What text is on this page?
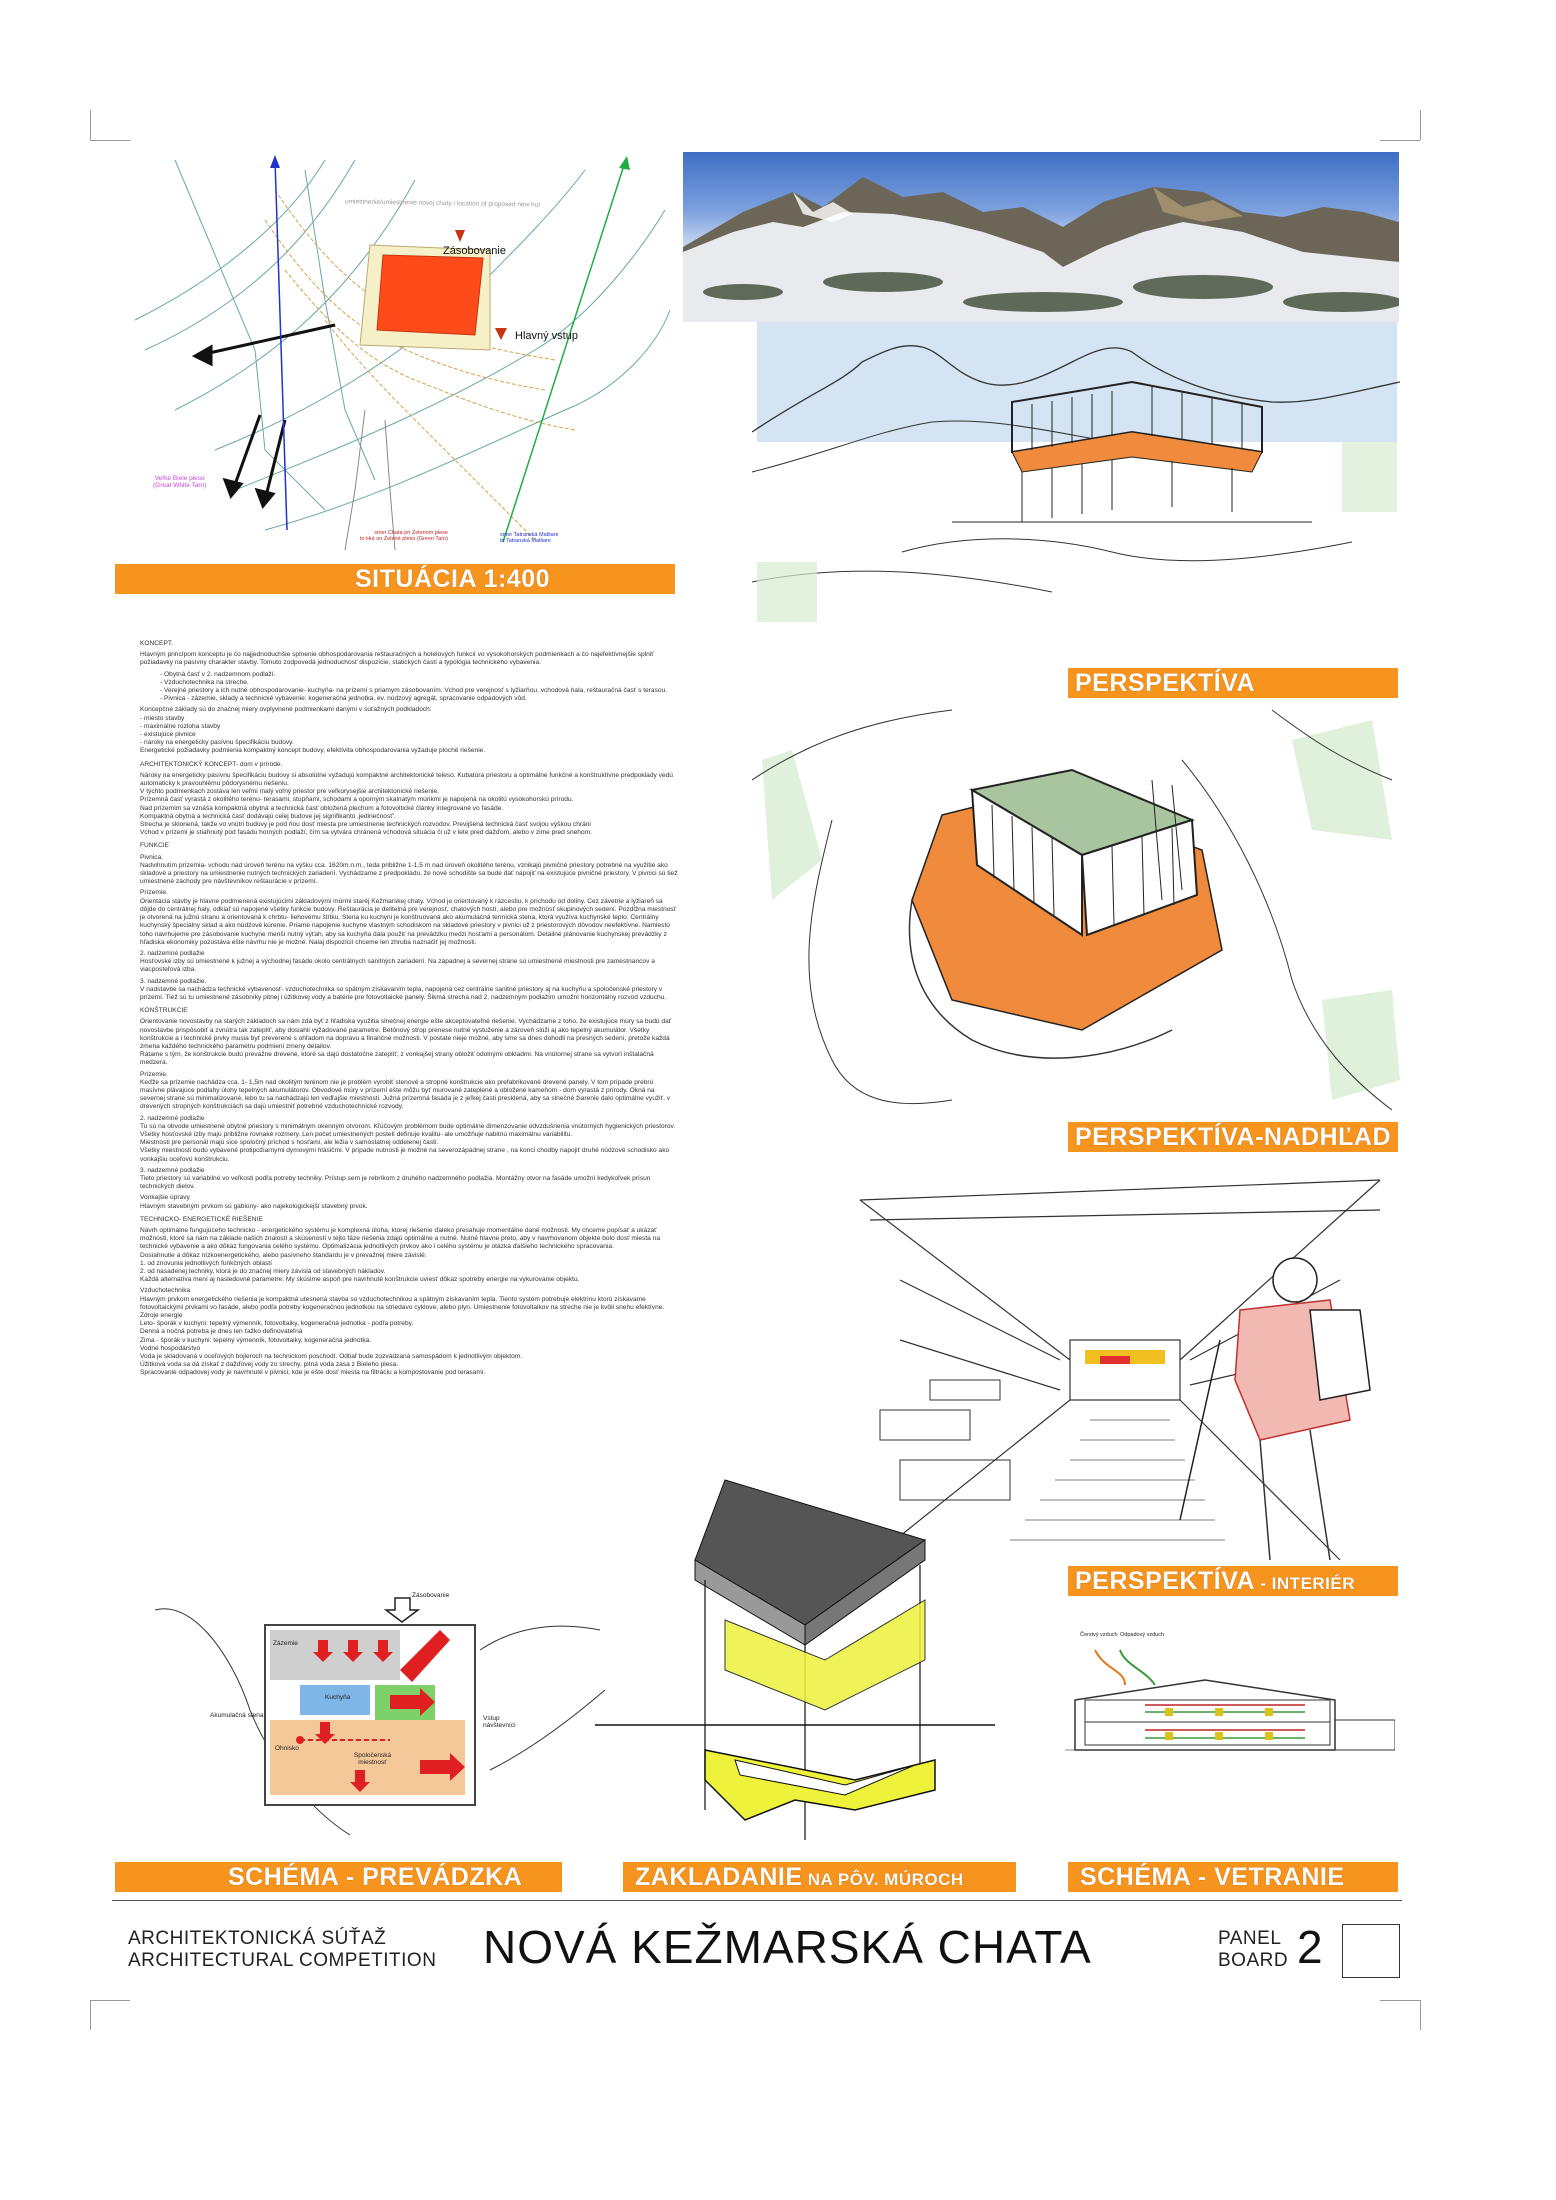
umiestnenie/umiestnenie novej chaty / location of proposed new hut
Zásobovanie
Hlavný vstup
Veľké Biele pleso
(Great White Tarn)
smer Chata pri Zelenom plese
to Hut on Zelené pleso (Green Tarn)
smer Tatranská Matliare
to Tatranská Matliare
SITUÁCIA 1:400
PERSPEKTÍVA
PERSPEKTÍVA-NADHĽAD
PERSPEKTÍVA - INTERIÉR

KONCEPT.

Hlavným princípom konceptu je čo najjednoduchšie splnenie obhospodarovania reštauračných a hotelových funkcií vo vysokohorských podmienkach a čo najefektívnejšie splniť požiadavky na pasívny charakter stavby. Tomuto zodpovedá jednoduchosť dispozície, statických častí a typológia technického vybavenia.

- Obytná časť v 2. nadzemnom podlaží.
- Vzduchotechnika na streche.
- Verejné priestory a ich nutné obhospodarovanie- kuchyňa- na prízemí s priamym zásobovaním. Vchod pre verejnosť s lyžiarňou, vchodová hala, reštauračná časť s terasou.
- Pivnica - zázemie, sklady a technické vybavenie: kogeneračná jednotka, ev. núdzový agregát, spracovanie odpadových vôd.

Koncepčné základy sú do značnej miery ovplyvnené podmienkami danými v súťažných podkladoch:
- miesto stavby
- maximálne rozlohа stavby
- existujúce pivnice
- nároky na energeticky pasívnu špecifikáciu budovy.
Energetické požiadavky podmienia kompaktný koncept budovy, efektívita obhospodarovania vyžaduje ploché riešenie.

ARCHITEKTONICKÝ KONCEPT- dom v prírode.

Nároky na energeticky pasívnu špecifikáciu budovy si absolútne vyžadujú kompaktné architektonické teleso. Kubatúra priestoru a optimálne funkčné a konštruktívne predpoklady vedú automaticky k pravouhlému pôdorysnému riešeniu.
V týchto podmienkach zostáva len veľmi malý voľný priestor pre veľkorysejšie architektonické riešenie.
Prízemná časť vyrastá z okolitého terénu- terasami, stupňami, schodami a oporným skalnatým múrikmi je napojená na okolitú vysokohorskú prírodu.
Nad prízemím sa vznáša kompaktná obytná a technická časť obložená plechom a fotovoltické články integrované vo fasáde.
Kompaktná obytná a technická časť dodávajú celej budove jej signifikantú ‚jedinečnosť'.
Strecha je sklonená, takže vo vnútri budovy je pod ňou dosť miesta pre umiestnenie technických rozvodov. Previjšená technická časť svojou výškou chráni
Vchod v prízemí je stiahnutý pod fasádu horných podlaží, čím sa vytvára chránená vchodová situácia či už v lete pred dažďom, alebo v zime pred snehom.

FUNKCIE

Pivnica.
Nadvihnutím prízemia- vchodu nad úroveň terénu na výšku cca. 1620m.n.m., teda približne 1-1,5 m nad úroveň okolitého terénu, vznikajú pivničné priestory potrebné na využitie ako skladové a priestory na umiestnenie nutných technických zariadení. Vychádzame z predpokladu, že nové schodište sa bude dať napojiť na existujúce pivničné priestory. V pivnici sú tiež umiestnené záchody pre návštevníkov reštaurácie v prízemí.

Prízemie.
Orientácia stavby je hlavne podmienená existujúcimi základovými múrmi staréj Kežmarskej chaty. Vchod je orientovaný k rázcestiu, k príchodu od doliny. Cez závetrie a lyžiareň sa dôjde do centrálnej haly, odkiaľ sú napojené všetky funkcie budovy. Reštaurácia je delitelná pre verejnosť, chatových hostí, alebo pre možnosť skupinových sedení. Pozdĺžna miestnosť je otvorená na južnú stranu a orientovaná k chrbtu- liehovému štítku. Stena ku kuchyni je konštruovaná ako akumulačná termická stena, ktorá využíva kuchynské teplo. Centrálny kuchynský špeciálny sklad a ako núdzové kúrenie. Priame napojenie kuchyne vlastným schodiskom na skladové priestory v pivnici už z priestorových dôvodov neefektívne. Namiesto toho navrhujeme pre zásobovanie kuchyne menší nutný výťah, aby sa kuchyňa dala použiť na prevádzku medzi hosťami a personálom. Detailné plánovanie kuchynskej prevádzky z hľadiska ekonomiky pozostáva ešte návrhu nie je možné. Nalaj dispozícií chceme len zhruba naznačiť jej možnosti.

2. nadzemné podlažie
Hosťovské izby sú umiestnené k južnej a východnej fasáde okolo centrálnych sanitných zariadení. Na západnej a severnej strane sú umiestnené miestnosti pre zamestnancov a viacposteľová izba.

3. nadzemné podlažie.
V nadstavbe sa nachádza technické vybavenosť- vzduchotechnika so spätným získavaním tepla, napojená cez centrálne sanitné priestory aj na kuchyňu a spoločenské priestory v prízemí. Tiež sú tu umiestnené zásobníky pitnej i úžitkovej vody a batérie pre fotovoltaické panely. Šikmá strecha nad 2. nadzemným podlažím umožní horizontálny rozvod vzduchu.

KONŠTRUKCIE

Orientovanie novostavby na starých základoch sa nám zdá byť z hľadiska využitia slnečnej energie ešte akceptovateľné riešenie. Vychádzame z toho, že existujúce múry sa budú dať novostavbe prispôsobiť a zvnútra tak zateplíť, aby dosiahli vyžadované parametre. Betónový strop prenese nutné vystuženie a zároveň slúži aj ako tepelný akumulátor. Všetky konštrukcie a i technické prvky musia byť preverené s ohľadom na dopravu a finančné možnosti. V postate nieje možné, aby sme sa dnes dohodli na presných sedení, pretože každá zmena každého technického parametru podmieni zmeny detailov.
Rátame s tým, že konštrukcie budú prevažne drevené, ktoré sa dajú dostatočne zateplíť, z vonkajšej strany obložiť odolnými obkladmi. Na vnútornej strane sa vytvorí inštalačná medzera.

Prízemie.
Keďže sa prízemie nachádza cca. 1- 1,5m nad okolitým terénom nie je problém vyrobiť stenové a stropné konštrukcie ako prefabrikované drevené panely. V tom prípade prebrú masívne plávajúce podlahy úlohy tepelných akumulátorov. Obvodové múry v prízemí ešte môžu byť murované zateplené a obložené kameňom - dom vyrastá z prírody. Okná na severnej strane sú minimalizované, lebo tu sa nachádzajú len vedľajšie miestnosti. Južná prízemná fasáda je z jeľkej časti presklená, aby sa slnečné žiarenie dalo optimálne využiť. v drevených stropných konštrukciách sa dajú umiestniť potrebné vzduchotechnické rozvody.

2. nadzemné podlažie
Tu sú na obvode umiestnené obytné priestory s minimálnym okenným otvorom. Kľúčovým problémom bude optimálne dimenzovanie odvzdušnenia vnútorných hygienických priestorov. Všetky hosťovské izby majú približne rovnaké rozmery. Len počet umiestnených postelí definuje kvalitu- ale umožňuje nabitnú maximálnu variabilitu.
Miestnosti pre personál majú sice spoločný príchod s hosťami, ale ležia v samostatnej oddelenej časti.
Všetky miestnosti budú vybavené protipožiarnymi dymovými hlásičmi. V prípade nutnosti je možné na severozápadnej strane , na konci chodby napojiť druhé núdzové schodisko ako vonkajšiu oceľovú konštrukciu.

3. nadzemné podlažie
Tieto priestory sú variabilné vo veľkosti podľa potreby techniky. Prístup sem je rebríkom z druhého nadzemného podlažia. Montážny otvor na fasáde umožní kedykoľvek prísun technických dielov.

Vonkajšie úpravy
Hlavným stavebným prvkom sú gabiony- ako najekologickejší stavebný prvok.

TECHNICKO- ENERGETICKÉ RIEŠENIE

Návrh optimálne fungujúceho technicko - energetického systému je komplexná úloha, ktorej riešenie ďaleko presahuje momentálne dané možnosti. My chceme popísať a ukázať možnosti, ktoré sa nám na základe našich znalostí a skúseností v tejto fáze riešenia zdajú optimálne a nutné. Nutné hlavne preto, aby v navrhovanom objekte bolo dosť miesta na technické vybavenie a ako dôkaz fungovania celého systému. Optimalizácia jednotlivých prvkov ako i celého systému je otázka ďalšieho technického spracovania.
Dosiahnutie a dôkaz nízkoenergetického, alebo pasívneho štandardu je v prevažnej miere závislé:
1. od znovunia jednotlivých funkčných oblastí
2. od nasadenej techniky, ktorá je do značnej miery závislá od stavebných nákladov.
Každá alternatíva mení aj nasledovné parametre: My skúsime aspoň pre navrhnuté konštrukcie uviesť dôkaz spotreby energie na vykurovanie objektu.

Vzduchotechnika
Hlavným prvkom energetického riešenia je kompaktná utesnená stavba so vzduchotechnikou a spätným získavaním tepla. Tiento systém potrebuje elektrinu ktorú získavame fotovoltaickými prvkami vo fasáde, alebo podľa potreby kogeneračnou jednotkou na striedavo cyklove, alebo plyn. Umiestnenie fotovoltaikov na streche nie je kvôli snehu efektívne.
Zdroje energie
Leto- šporák v kuchyni: tepelný výmenník, fotovoltaiky, kogeneračná jednotka - podľa potreby.
Denná a nočná potreba je dnes len ťažko definovateľná
Zima - šporák v kuchyni: tepelný výmenník, fotovoltaiky, kogeneračná jednotka.
Vodné hospodárstvo
Voda je skladovaná v oceľových bojleroch na technickom poschodí. Odtiaľ bude zozvádzaná samospádom k jednotlivým objektom.
Úžitková voda sa dá získať z dažďovej vody zo strechy, pitná voda zasa z Bieleho plesa.
Spracovanie odpadovej vody je navrhnuté v pivnici, kde je ešte dosť miesta na filtráciu a kompostovanie pod terasami.

Zásobovanie
Zázemie
Kuchyňa
Akumulačná stena
Ohnisko
Spoločenská miestnosť
Vstup
návštevníci
SCHÉMA - PREVÁDZKA	ZAKLADANIE NA PÔV. MÚROCH
Čerstvý vzduch Odpadový vzduch
SCHÉMA - VETRANIE
ARCHITEKTONICKÁ SÚŤAŽ
ARCHITECTURAL COMPETITION NOVÁ KEŽMARSKÁ CHATA	PANEL
BOARD 2
